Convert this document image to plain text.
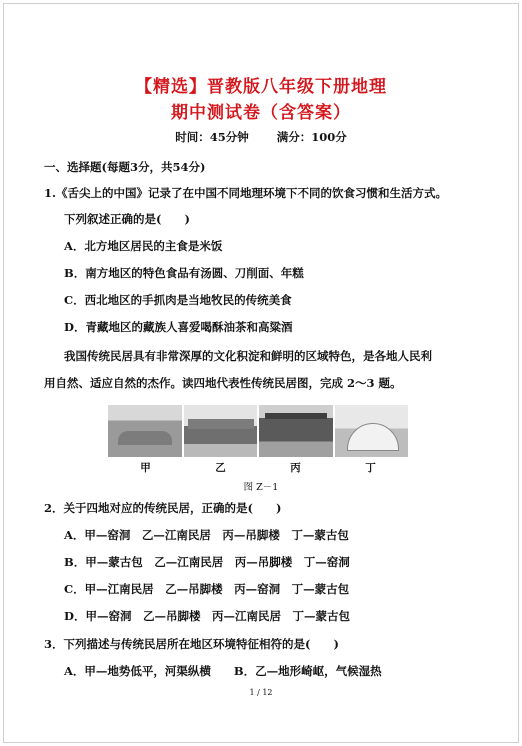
【精选】晋教版八年级下册地理
期中测试卷（含答案）
时间：45分钟 满分：100分
一、选择题(每题3分，共54分)
1.《舌尖上的中国》记录了在中国不同地理环境下不同的饮食习惯和生活方式。
下列叙述正确的是(　　)
A．北方地区居民的主食是米饭
B．南方地区的特色食品有汤圆、刀削面、年糕
C．西北地区的手抓肉是当地牧民的传统美食
D．青藏地区的藏族人喜爱喝酥油茶和高粱酒
我国传统民居具有非常深厚的文化积淀和鲜明的区域特色，是各地人民利
用自然、适应自然的杰作。读四地代表性传统民居图，完成 2～3 题。
甲	乙	丙	丁
图 Z－1
2．关于四地对应的传统民居，正确的是(　　)
A．甲—窑洞　乙—江南民居　丙—吊脚楼　丁—蒙古包
B．甲—蒙古包　乙—江南民居　丙—吊脚楼　丁—窑洞
C．甲—江南民居　乙—吊脚楼　丙—窑洞　丁—蒙古包
D．甲—窑洞　乙—吊脚楼　丙—江南民居　丁—蒙古包
3．下列描述与传统民居所在地区环境特征相符的是(　　)
A．甲—地势低平，河渠纵横　　B．乙—地形崎岖，气候湿热
1 / 12
